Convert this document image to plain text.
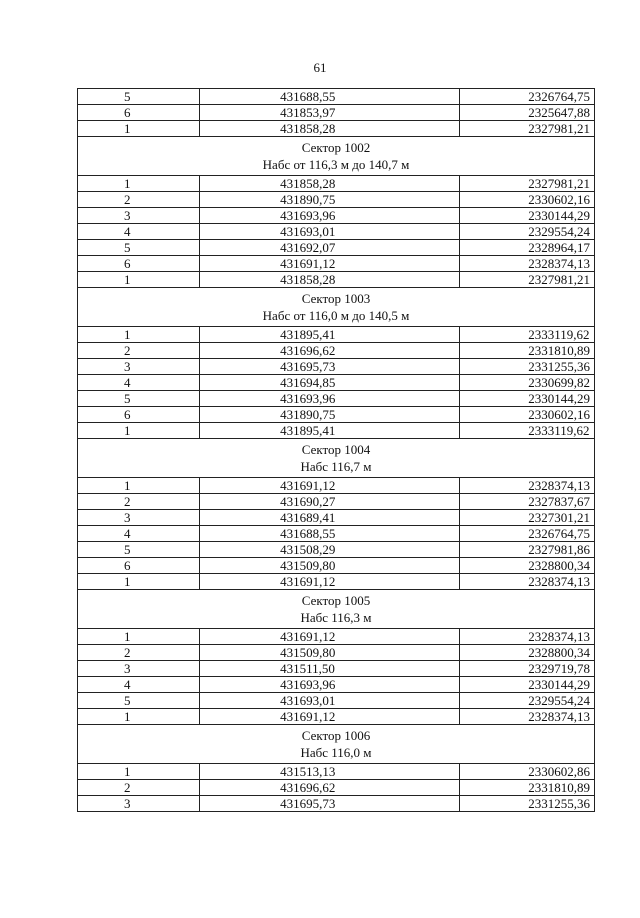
61
5	431688,55	2326764,75
6	431853,97	2325647,88
1	431858,28	2327981,21

Сектор 1002
Набс от 116,3 м до 140,7 м		

1	431858,28	2327981,21
2	431890,75	2330602,16
3	431693,96	2330144,29
4	431693,01	2329554,24
5	431692,07	2328964,17
6	431691,12	2328374,13
1	431858,28	2327981,21

Сектор 1003
Набс от 116,0 м до 140,5 м		

1	431895,41	2333119,62
2	431696,62	2331810,89
3	431695,73	2331255,36
4	431694,85	2330699,82
5	431693,96	2330144,29
6	431890,75	2330602,16
1	431895,41	2333119,62

Сектор 1004
Набс 116,7 м		

1	431691,12	2328374,13
2	431690,27	2327837,67
3	431689,41	2327301,21
4	431688,55	2326764,75
5	431508,29	2327981,86
6	431509,80	2328800,34
1	431691,12	2328374,13

Сектор 1005
Набс 116,3 м		

1	431691,12	2328374,13
2	431509,80	2328800,34
3	431511,50	2329719,78
4	431693,96	2330144,29
5	431693,01	2329554,24
1	431691,12	2328374,13

Сектор 1006
Набс 116,0 м		

1	431513,13	2330602,86
2	431696,62	2331810,89
3	431695,73	2331255,36
